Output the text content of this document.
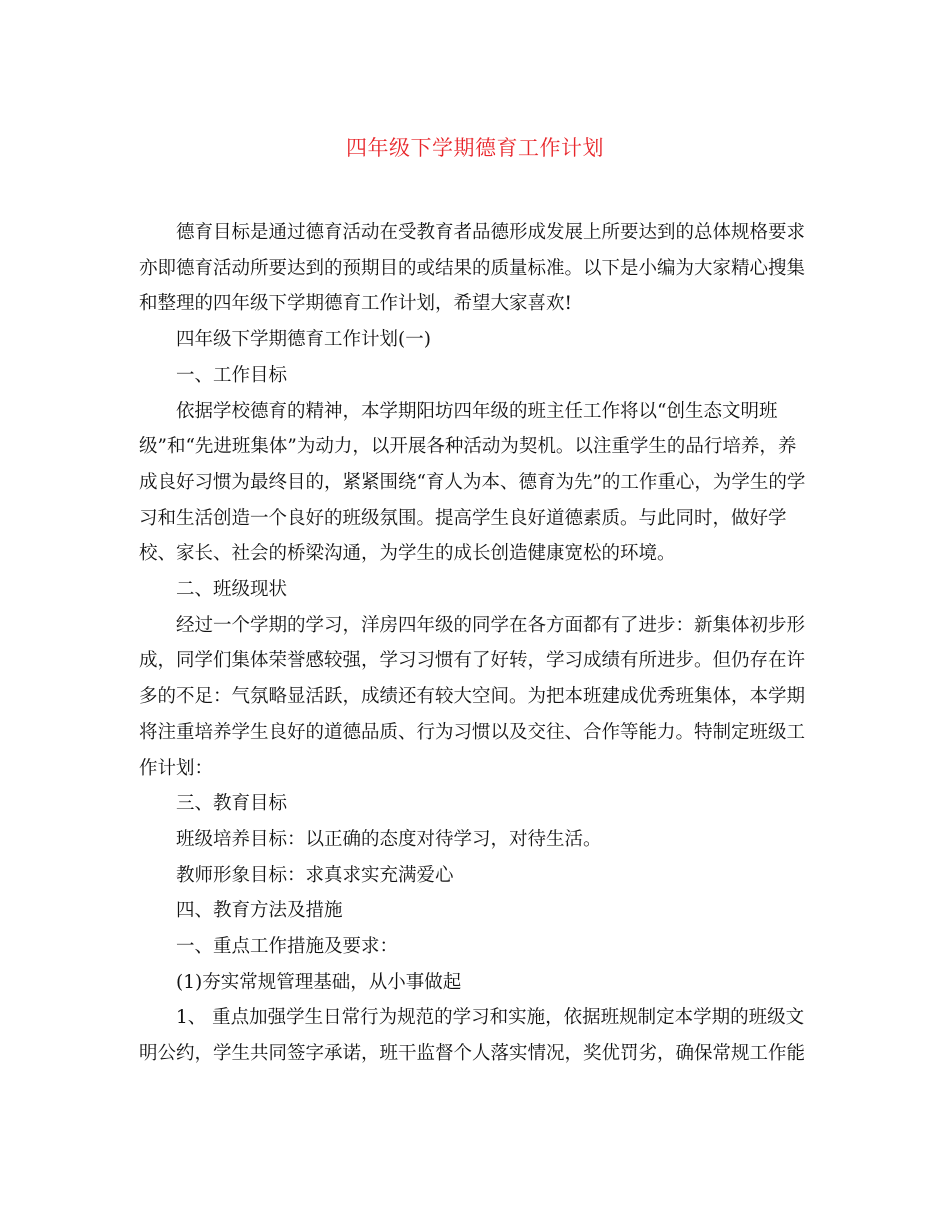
四年级下学期德育工作计划

德育目标是通过德育活动在受教育者品德形成发展上所要达到的总体规格要求亦即德育活动所要达到的预期目的或结果的质量标准。以下是小编为大家精心搜集和整理的四年级下学期德育工作计划，希望大家喜欢!

四年级下学期德育工作计划(一)

一、工作目标

依据学校德育的精神，本学期阳坊四年级的班主任工作将以“创生态文明班级”和“先进班集体”为动力，以开展各种活动为契机。以注重学生的品行培养，养成良好习惯为最终目的，紧紧围绕“育人为本、德育为先”的工作重心，为学生的学习和生活创造一个良好的班级氛围。提高学生良好道德素质。与此同时，做好学校、家长、社会的桥梁沟通，为学生的成长创造健康宽松的环境。

二、班级现状

经过一个学期的学习，洋房四年级的同学在各方面都有了进步：新集体初步形成，同学们集体荣誉感较强，学习习惯有了好转，学习成绩有所进步。但仍存在许多的不足：气氛略显活跃，成绩还有较大空间。为把本班建成优秀班集体，本学期将注重培养学生良好的道德品质、行为习惯以及交往、合作等能力。特制定班级工作计划：

三、教育目标

班级培养目标：以正确的态度对待学习，对待生活。

教师形象目标：求真求实充满爱心

四、教育方法及措施

一、重点工作措施及要求：

(1)夯实常规管理基础，从小事做起

1、 重点加强学生日常行为规范的学习和实施，依据班规制定本学期的班级文明公约，学生共同签字承诺，班干监督个人落实情况，奖优罚劣，确保常规工作能
